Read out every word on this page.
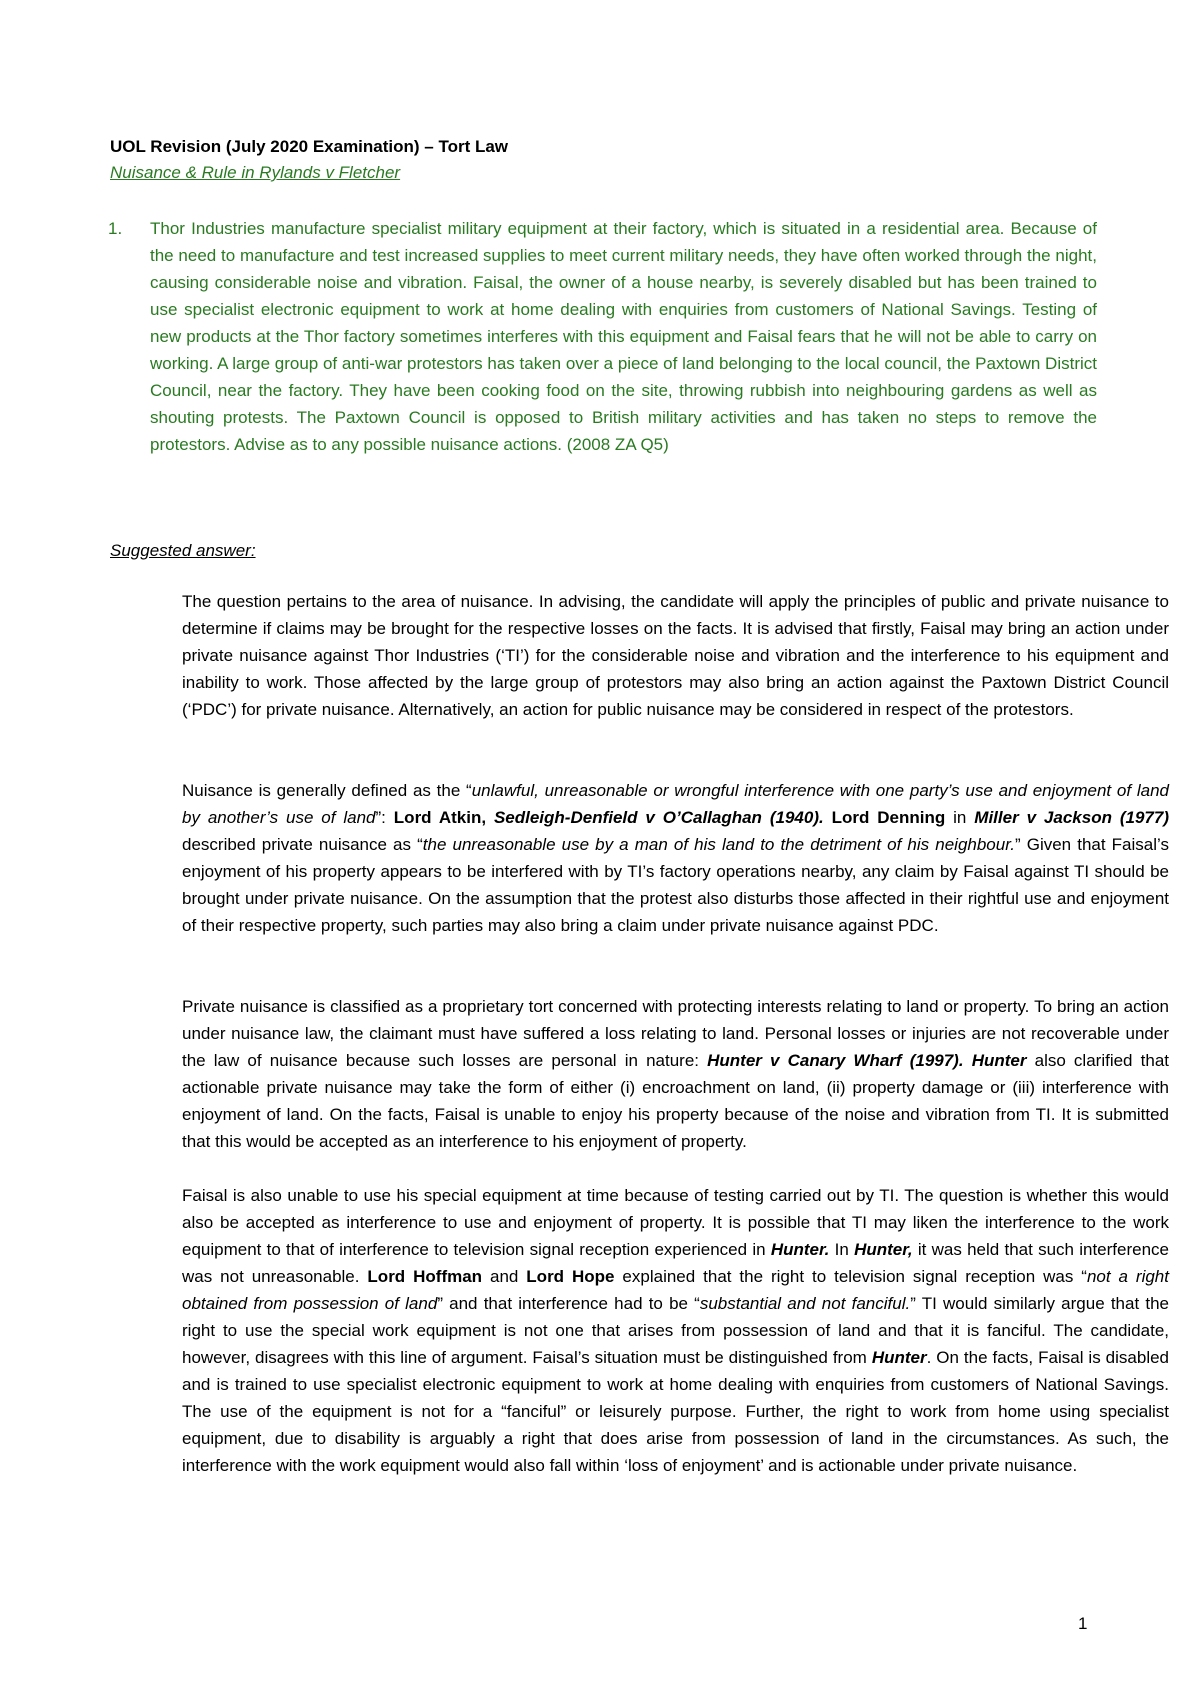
UOL Revision (July 2020 Examination) – Tort Law

Nuisance & Rule in Rylands v Fletcher

1. Thor Industries manufacture specialist military equipment at their factory, which is situated in a residential area. Because of the need to manufacture and test increased supplies to meet current military needs, they have often worked through the night, causing considerable noise and vibration. Faisal, the owner of a house nearby, is severely disabled but has been trained to use specialist electronic equipment to work at home dealing with enquiries from customers of National Savings. Testing of new products at the Thor factory sometimes interferes with this equipment and Faisal fears that he will not be able to carry on working. A large group of anti-war protestors has taken over a piece of land belonging to the local council, the Paxtown District Council, near the factory. They have been cooking food on the site, throwing rubbish into neighbouring gardens as well as shouting protests. The Paxtown Council is opposed to British military activities and has taken no steps to remove the protestors. Advise as to any possible nuisance actions. (2008 ZA Q5)

Suggested answer:

The question pertains to the area of nuisance. In advising, the candidate will apply the principles of public and private nuisance to determine if claims may be brought for the respective losses on the facts. It is advised that firstly, Faisal may bring an action under private nuisance against Thor Industries (‘TI’) for the considerable noise and vibration and the interference to his equipment and inability to work. Those affected by the large group of protestors may also bring an action against the Paxtown District Council (‘PDC’) for private nuisance. Alternatively, an action for public nuisance may be considered in respect of the protestors.

Nuisance is generally defined as the “unlawful, unreasonable or wrongful interference with one party’s use and enjoyment of land by another’s use of land”: Lord Atkin, Sedleigh-Denfield v O’Callaghan (1940). Lord Denning in Miller v Jackson (1977) described private nuisance as “the unreasonable use by a man of his land to the detriment of his neighbour.” Given that Faisal’s enjoyment of his property appears to be interfered with by TI’s factory operations nearby, any claim by Faisal against TI should be brought under private nuisance. On the assumption that the protest also disturbs those affected in their rightful use and enjoyment of their respective property, such parties may also bring a claim under private nuisance against PDC.

Private nuisance is classified as a proprietary tort concerned with protecting interests relating to land or property. To bring an action under nuisance law, the claimant must have suffered a loss relating to land. Personal losses or injuries are not recoverable under the law of nuisance because such losses are personal in nature: Hunter v Canary Wharf (1997). Hunter also clarified that actionable private nuisance may take the form of either (i) encroachment on land, (ii) property damage or (iii) interference with enjoyment of land. On the facts, Faisal is unable to enjoy his property because of the noise and vibration from TI. It is submitted that this would be accepted as an interference to his enjoyment of property.

Faisal is also unable to use his special equipment at time because of testing carried out by TI. The question is whether this would also be accepted as interference to use and enjoyment of property. It is possible that TI may liken the interference to the work equipment to that of interference to television signal reception experienced in Hunter. In Hunter, it was held that such interference was not unreasonable. Lord Hoffman and Lord Hope explained that the right to television signal reception was “not a right obtained from possession of land” and that interference had to be “substantial and not fanciful.” TI would similarly argue that the right to use the special work equipment is not one that arises from possession of land and that it is fanciful. The candidate, however, disagrees with this line of argument. Faisal’s situation must be distinguished from Hunter. On the facts, Faisal is disabled and is trained to use specialist electronic equipment to work at home dealing with enquiries from customers of National Savings. The use of the equipment is not for a “fanciful” or leisurely purpose. Further, the right to work from home using specialist equipment, due to disability is arguably a right that does arise from possession of land in the circumstances. As such, the interference with the work equipment would also fall within ‘loss of enjoyment’ and is actionable under private nuisance.

1
